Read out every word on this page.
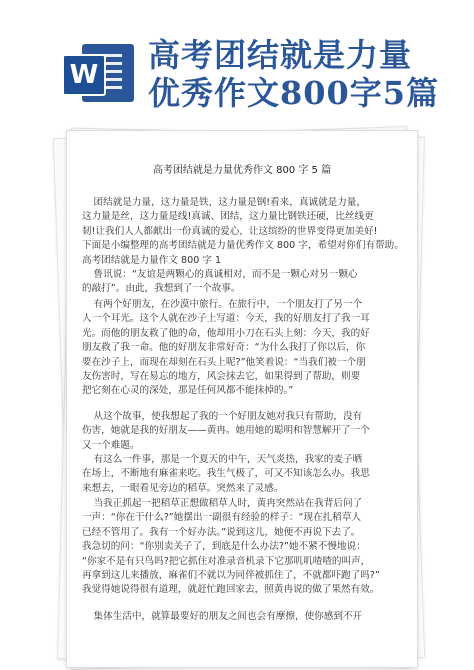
W
高考团结就是力量
优秀作文800字5篇
高考团结就是力量优秀作文 800 字 5 篇
团结就是力量，这力量是铁，这力量是钢!看来，真诚就是力量，
这力量是丝，这力量是线!真诚、团结，这力量比钢铁还硬，比丝线更
韧!让我们人人都献出一份真诚的爱心，让这缤纷的世界变得更加美好!
下面是小编整理的高考团结就是力量优秀作文 800 字，希望对你们有帮助。
高考团结就是力量作文 800 字 1
鲁讯说：“友谊是两颗心的真诚相对，而不是一颗心对另一颗心
的敲打”。由此，我想到了一个故事。
有两个好朋友，在沙漠中旅行。在旅行中，一个朋友打了另一个
人一个耳光。这个人就在沙子上写道：今天，我的好朋友打了我一耳
光。而他的朋友救了他的命，他却用小刀在石头上刻：今天，我的好
朋友救了我一命。他的好朋友非常好奇：“为什么我打了你以后，你
要在沙子上，而现在却刻在石头上呢?”他笑着说：“当我们被一个朋
友伤害时，写在易忘的地方，风会抹去它，如果得到了帮助，则要
把它刻在心灵的深处，那是任何风都不能抹掉的。”
从这个故事，使我想起了我的一个好朋友她对我只有帮助，没有
伤害，她就是我的好朋友——黄冉。她用她的聪明和智慧解开了一个
又一个难题。
有这么一件事，那是一个夏天的中午，天气炎热，我家的麦子晒
在场上，不断地有麻雀来吃。我生气极了，可又不知该怎么办。我思
来想去，一眼看见旁边的稻草。突然来了灵感。
当我正抓起一把稻草正想做稻草人时，黄冉突然站在我背后问了
一声：“你在干什么?”她摆出一副很有经验的样子：“现在扎稻草人
已经不管用了。我有一个好办法。”说到这儿，她便不再说下去了。
我急切的问：“你别卖关子了，到底是什么办法?”她不紧不慢地说：
“你家不是有只鸟吗?把它抓住对准录音机录下它那叽叽喳喳的叫声，
再拿到这儿来播放，麻雀们不就以为同伴被抓住了，不就都吓跑了吗?”
我觉得她说得很有道理，就赶忙跑回家去，照黄冉说的做了果然有效。
集体生活中，就算最要好的朋友之间也会有摩擦，使你感到不开
